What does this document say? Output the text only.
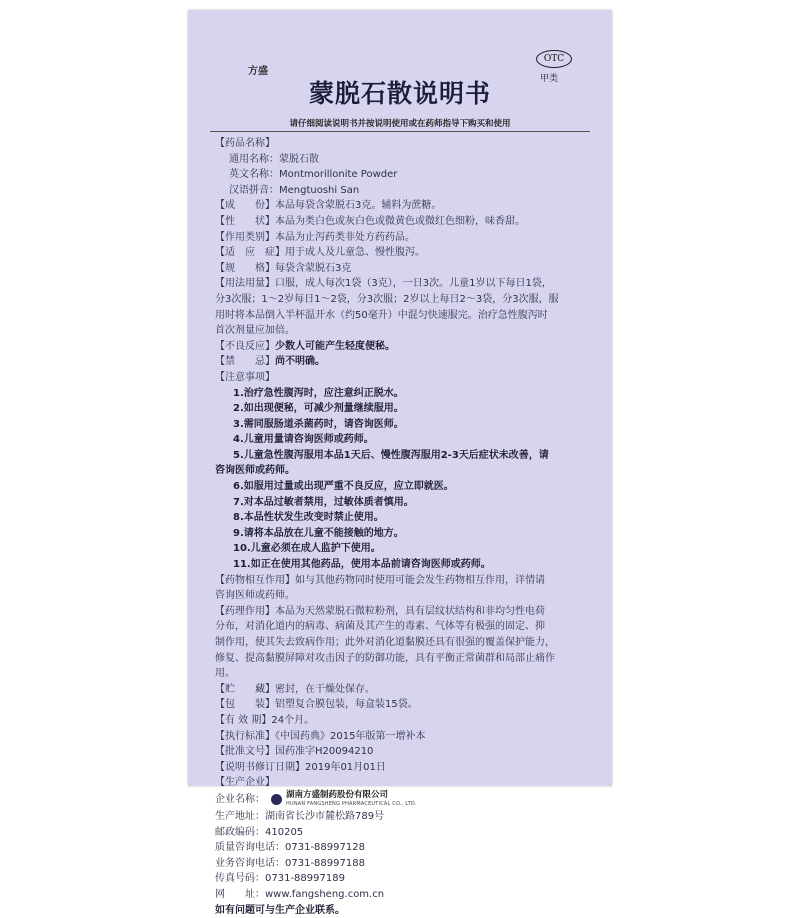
方盛
OTC
甲类
蒙脱石散说明书
请仔细阅读说明书并按说明使用或在药师指导下购买和使用
【药品名称】
通用名称：蒙脱石散
英文名称：Montmorillonite Powder
汉语拼音：Mengtuoshi San
【成　　份】本品每袋含蒙脱石3克。辅料为蔗糖。
【性　　状】本品为类白色或灰白色或微黄色或微红色细粉，味香甜。
【作用类别】本品为止泻药类非处方药药品。
【适　应　症】用于成人及儿童急、慢性腹泻。
【规　　格】每袋含蒙脱石3克
【用法用量】口服，成人每次1袋（3克），一日3次。儿童1岁以下每日1袋，
分3次服；1～2岁每日1～2袋，分3次服；2岁以上每日2～3袋，分3次服，服
用时将本品倒入半杯温开水（约50毫升）中混匀快速服完。治疗急性腹泻时
首次剂量应加倍。
【不良反应】少数人可能产生轻度便秘。
【禁　　忌】尚不明确。
【注意事项】
1.治疗急性腹泻时，应注意纠正脱水。
2.如出现便秘，可减少剂量继续服用。
3.需同服肠道杀菌药时，请咨询医师。
4.儿童用量请咨询医师或药师。
5.儿童急性腹泻服用本品1天后、慢性腹泻服用2-3天后症状未改善，请
咨询医师或药师。
6.如服用过量或出现严重不良反应，应立即就医。
7.对本品过敏者禁用，过敏体质者慎用。
8.本品性状发生改变时禁止使用。
9.请将本品放在儿童不能接触的地方。
10.儿童必须在成人监护下使用。
11.如正在使用其他药品，使用本品前请咨询医师或药师。
【药物相互作用】如与其他药物同时使用可能会发生药物相互作用，详情请
咨询医师或药师。
【药理作用】本品为天然蒙脱石微粒粉剂，具有层纹状结构和非均匀性电荷
分布，对消化道内的病毒、病菌及其产生的毒素、气体等有极强的固定、抑
制作用，使其失去致病作用；此外对消化道黏膜还具有很强的覆盖保护能力，
修复、提高黏膜屏障对攻击因子的防御功能，具有平衡正常菌群和局部止痛作
用。
【贮　　藏】密封，在干燥处保存。
【包　　装】铝塑复合膜包装，每盒装15袋。
【有 效 期】24个月。
【执行标准】《中国药典》2015年版第一增补本
【批准文号】国药准字H20094210
【说明书修订日期】2019年01月01日
【生产企业】
企业名称： 湖南方盛制药股份有限公司
HUNAN FANGSHENG PHARMACEUTICAL CO., LTD.
生产地址：湖南省长沙市麓松路789号
邮政编码：410205
质量咨询电话：0731-88997128
业务咨询电话：0731-88997188
传真号码：0731-88997189
网　　址：www.fangsheng.com.cn
如有问题可与生产企业联系。
